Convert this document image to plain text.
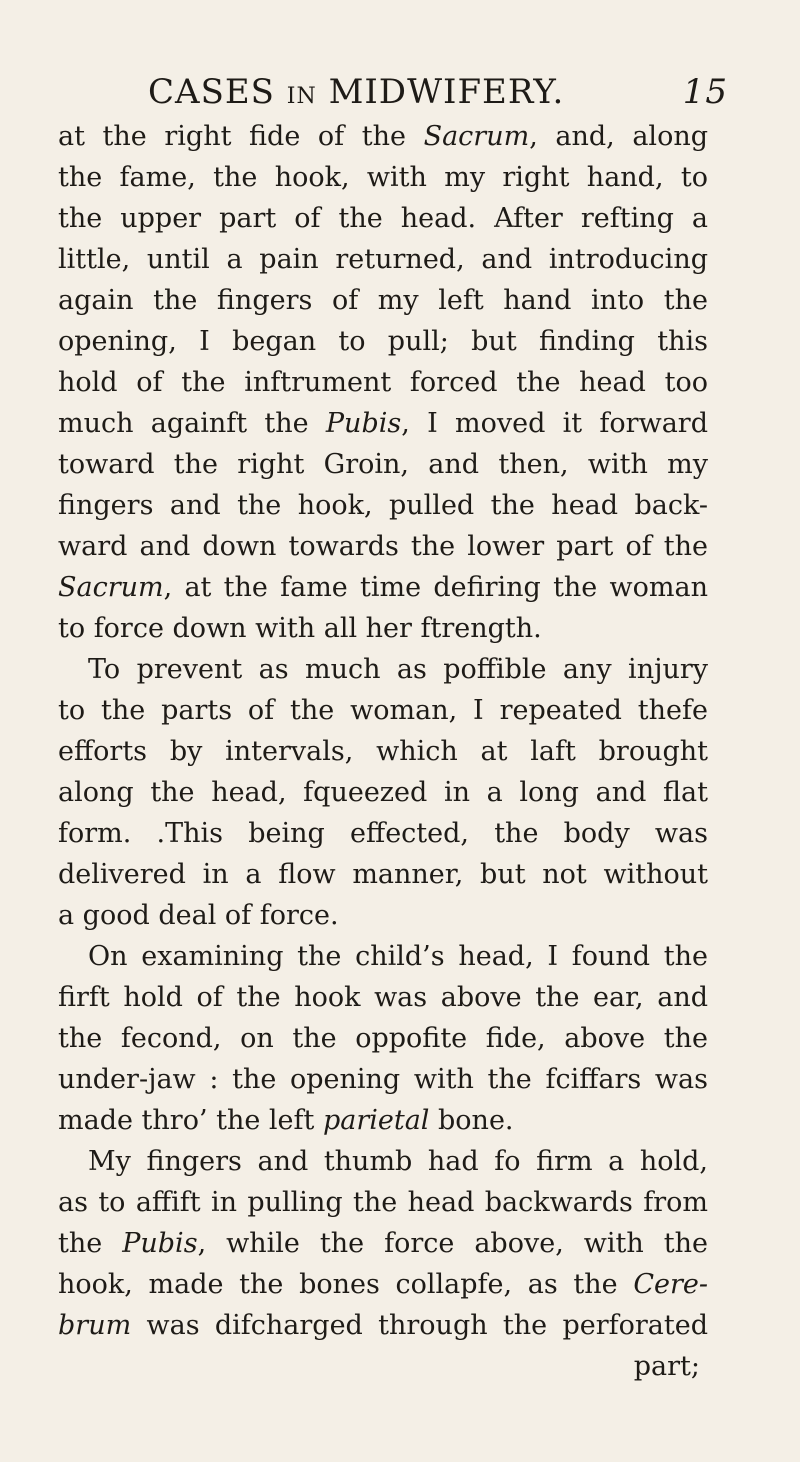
CASES IN MIDWIFERY.	15
at the right fide of the Sacrum, and, along
the fame, the hook, with my right hand, to
the upper part of the head. After refting a
little, until a pain returned, and introducing
again the fingers of my left hand into the
opening, I began to pull; but finding this
hold of the inftrument forced the head too
much againft the Pubis, I moved it forward
toward the right Groin, and then, with my
fingers and the hook, pulled the head back-
ward and down towards the lower part of the
Sacrum, at the fame time defiring the woman
to force down with all her ftrength.
To prevent as much as poffible any injury
to the parts of the woman, I repeated thefe
efforts by intervals, which at laft brought
along the head, fqueezed in a long and flat
form. .This being effected, the body was
delivered in a flow manner, but not without
a good deal of force.
On examining the child’s head, I found the
firft hold of the hook was above the ear, and
the fecond, on the oppofite fide, above the
under-jaw : the opening with the fciffars was
made thro’ the left parietal bone.
My fingers and thumb had fo firm a hold,
as to affift in pulling the head backwards from
the Pubis, while the force above, with the
hook, made the bones collapfe, as the Cere-
brum was difcharged through the perforated
part;
